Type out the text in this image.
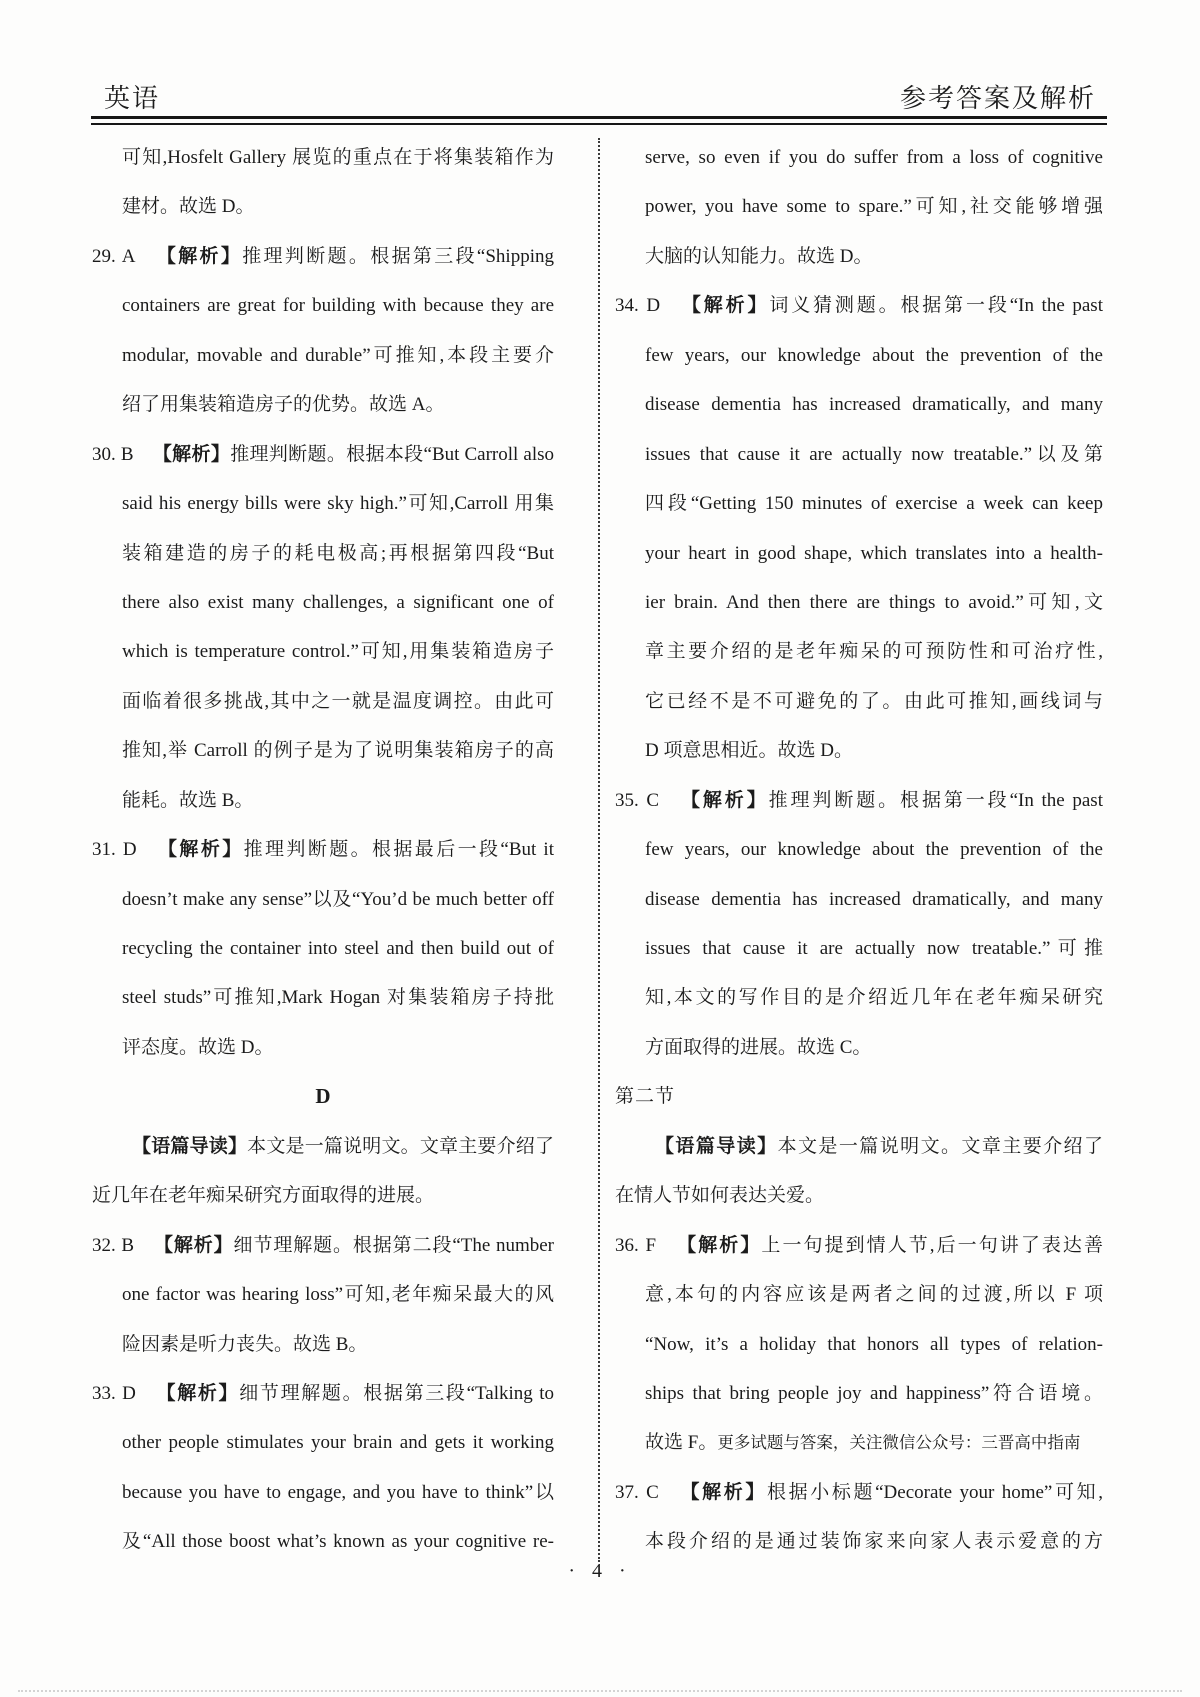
英语	参考答案及解析
可知,Hosfelt Gallery 展览的重点在于将集装箱作为
建材。故选 D。
29. A 【解析】推理判断题。根据第三段“Shipping
containers are great for building with because they are
modular, movable and durable”可推知,本段主要介
绍了用集装箱造房子的优势。故选 A。
30. B 【解析】推理判断题。根据本段“But Carroll also
said his energy bills were sky high.”可知,Carroll 用集
装箱建造的房子的耗电极高;再根据第四段“But
there also exist many challenges, a significant one of
which is temperature control.”可知,用集装箱造房子
面临着很多挑战,其中之一就是温度调控。由此可
推知,举 Carroll 的例子是为了说明集装箱房子的高
能耗。故选 B。
31. D 【解析】推理判断题。根据最后一段“But it
doesn’t make any sense”以及“You’d be much better off
recycling the container into steel and then build out of
steel studs”可推知,Mark Hogan 对集装箱房子持批
评态度。故选 D。
D
【语篇导读】本文是一篇说明文。文章主要介绍了
近几年在老年痴呆研究方面取得的进展。
32. B 【解析】细节理解题。根据第二段“The number
one factor was hearing loss”可知,老年痴呆最大的风
险因素是听力丧失。故选 B。
33. D 【解析】细节理解题。根据第三段“Talking to
other people stimulates your brain and gets it working
because you have to engage, and you have to think”以
及“All those boost what’s known as your cognitive re-
serve, so even if you do suffer from a loss of cognitive
power, you have some to spare.”可知,社交能够增强
大脑的认知能力。故选 D。
34. D 【解析】词义猜测题。根据第一段“In the past
few years, our knowledge about the prevention of the
disease dementia has increased dramatically, and many
issues that cause it are actually now treatable.”以及第
四段“Getting 150 minutes of exercise a week can keep
your heart in good shape, which translates into a health-
ier brain. And then there are things to avoid.”可知,文
章主要介绍的是老年痴呆的可预防性和可治疗性,
它已经不是不可避免的了。由此可推知,画线词与
D 项意思相近。故选 D。
35. C 【解析】推理判断题。根据第一段“In the past
few years, our knowledge about the prevention of the
disease dementia has increased dramatically, and many
issues that cause it are actually now treatable.”可推
知,本文的写作目的是介绍近几年在老年痴呆研究
方面取得的进展。故选 C。
第二节
【语篇导读】本文是一篇说明文。文章主要介绍了
在情人节如何表达关爱。
36. F 【解析】上一句提到情人节,后一句讲了表达善
意,本句的内容应该是两者之间的过渡,所以 F 项
“Now, it’s a holiday that honors all types of relation-
ships that bring people joy and happiness”符合语境。
故选 F。更多试题与答案，关注微信公众号：三晋高中指南
37. C 【解析】根据小标题“Decorate your home”可知,
本段介绍的是通过装饰家来向家人表示爱意的方
· 4 ·
